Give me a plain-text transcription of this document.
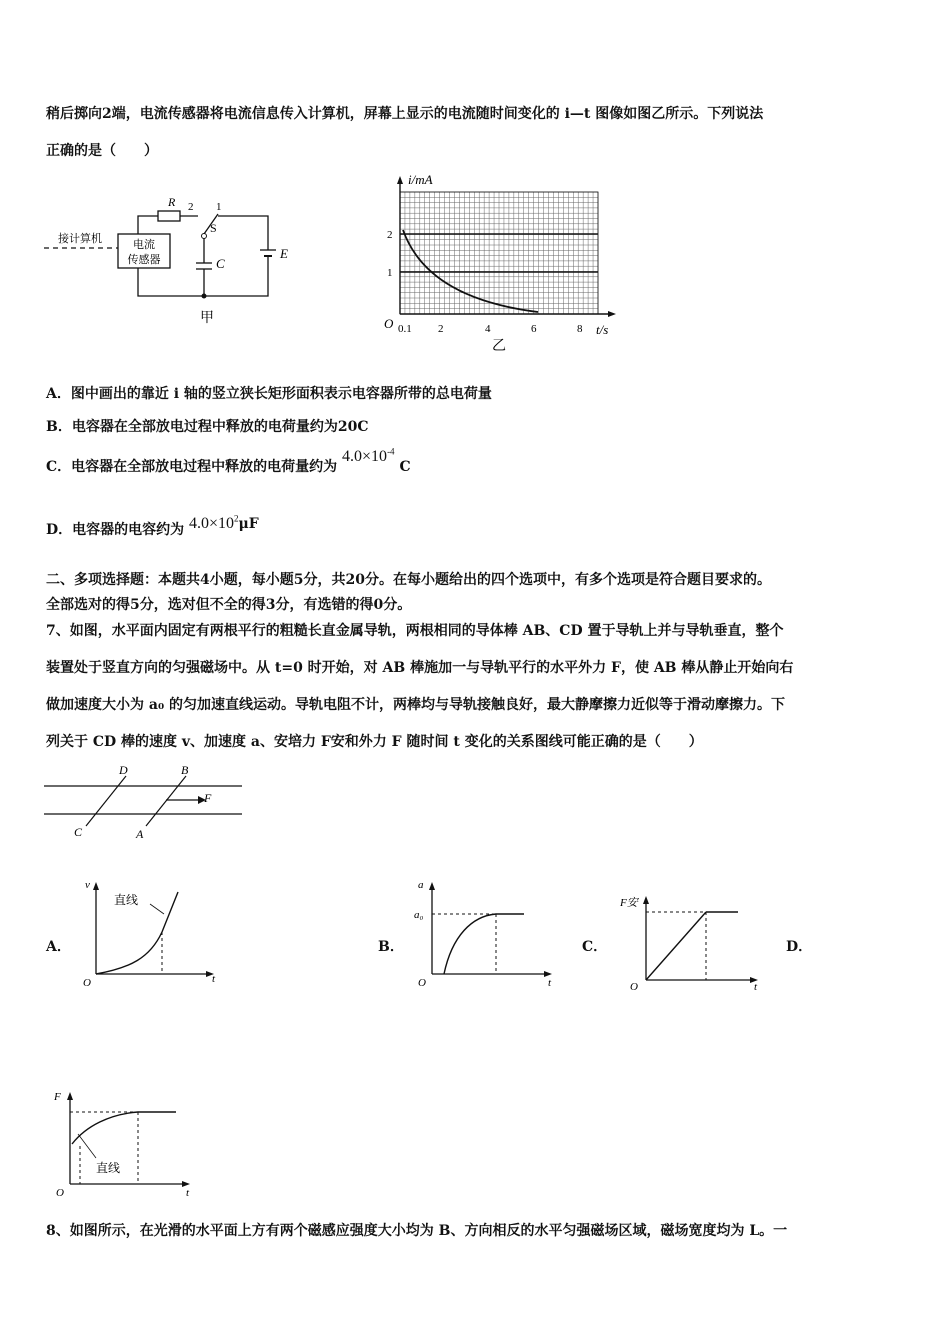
稍后掷向2端，电流传感器将电流信息传入计算机，屏幕上显示的电流随时间变化的 i—t 图像如图乙所示。下列说法
正确的是（　　）
接计算机	电流
传感器
R 2 1
S
C
E
甲
i/mA
t/s
O
2
1
0.1 2	4	6	8
乙
A．图中画出的靠近 i 轴的竖立狭长矩形面积表示电容器所带的总电荷量
B．电容器在全部放电过程中释放的电荷量约为20C
C．电容器在全部放电过程中释放的电荷量约为 $4.0\times 10^{-4}$ C
D．电容器的电容约为 $4.0\times 10^2\mu F$
二、多项选择题：本题共4小题，每小题5分，共20分。在每小题给出的四个选项中，有多个选项是符合题目要求的。
全部选对的得5分，选对但不全的得3分，有选错的得0分。
7、如图，水平面内固定有两根平行的粗糙长直金属导轨，两根相同的导体棒 AB、CD 置于导轨上并与导轨垂直，整个
装置处于竖直方向的匀强磁场中。从 t=0 时开始，对 AB 棒施加一与导轨平行的水平外力 F，使 AB 棒从静止开始向右
做加速度大小为 a₀ 的匀加速直线运动。导轨电阻不计，两棒均与导轨接触良好，最大静摩擦力近似等于滑动摩擦力。下
列关于 CD 棒的速度 v、加速度 a、安培力 F安和外力 F 随时间 t 变化的关系图线可能正确的是（　　）
D	B
C	A
F
A．	B．	C．	D．
v
t
O
直线
a
a₀
t
O
F安
t
O
F
t
O
直线
8、如图所示，在光滑的水平面上方有两个磁感应强度大小均为 B、方向相反的水平匀强磁场区域，磁场宽度均为 L。一
